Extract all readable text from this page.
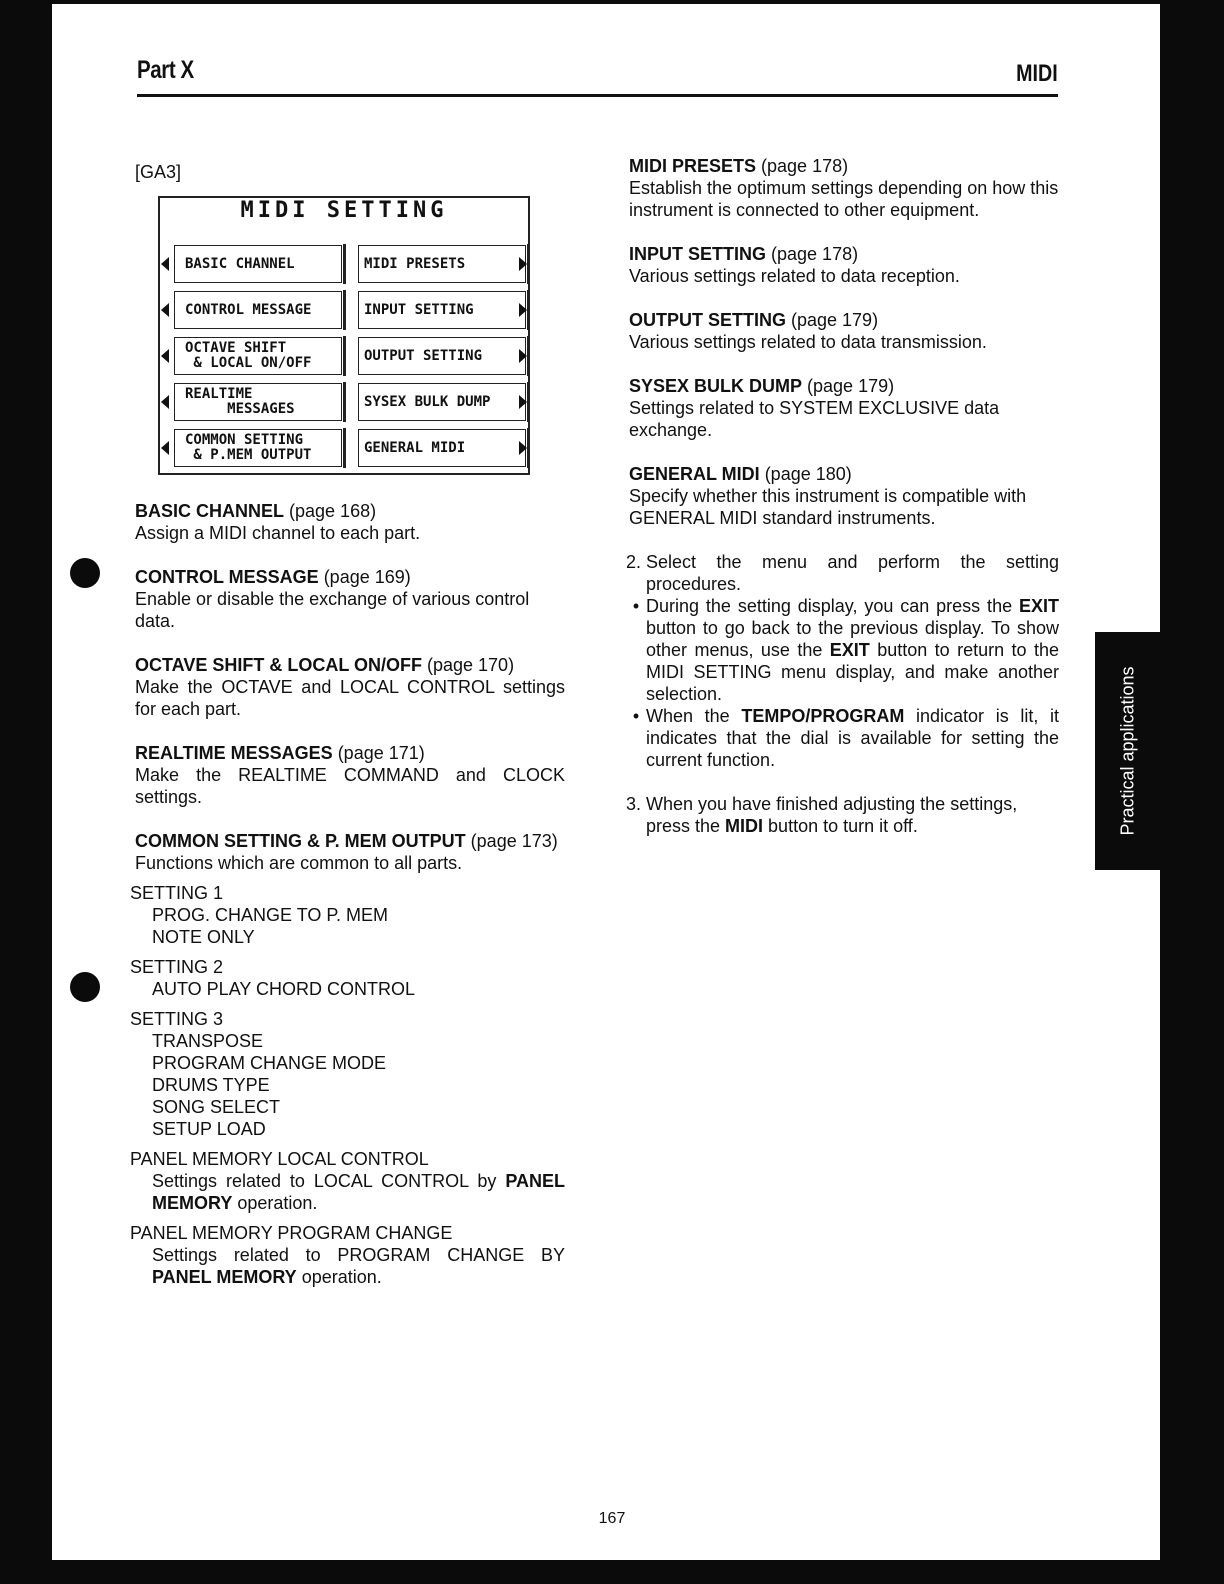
Part X	MIDI
[GA3]
MIDI SETTING
BASIC CHANNEL	MIDI PRESETS
CONTROL MESSAGE	INPUT SETTING
OCTAVE SHIFT
& LOCAL ON/OFF	OUTPUT SETTING
REALTIME
MESSAGES	SYSEX BULK DUMP
COMMON SETTING
& P.MEM OUTPUT	GENERAL MIDI

BASIC CHANNEL (page 168)

Assign a MIDI channel to each part.

CONTROL MESSAGE (page 169)

Enable or disable the exchange of various control data.

OCTAVE SHIFT & LOCAL ON/OFF (page 170)

Make the OCTAVE and LOCAL CONTROL settings for each part.

REALTIME MESSAGES (page 171)

Make the REALTIME COMMAND and CLOCK settings.

COMMON SETTING & P. MEM OUTPUT (page 173)

Functions which are common to all parts.

SETTING 1
PROG. CHANGE TO P. MEM
NOTE ONLY
SETTING 2
AUTO PLAY CHORD CONTROL
SETTING 3
TRANSPOSE
PROGRAM CHANGE MODE
DRUMS TYPE
SONG SELECT
SETUP LOAD
PANEL MEMORY LOCAL CONTROL
Settings related to LOCAL CONTROL by PANEL MEMORY operation.
PANEL MEMORY PROGRAM CHANGE
Settings related to PROGRAM CHANGE BY PANEL MEMORY operation.

MIDI PRESETS (page 178)

Establish the optimum settings depending on how this instrument is connected to other equipment.

INPUT SETTING (page 178)

Various settings related to data reception.

OUTPUT SETTING (page 179)

Various settings related to data transmission.

SYSEX BULK DUMP (page 179)

Settings related to SYSTEM EXCLUSIVE data exchange.

GENERAL MIDI (page 180)

Specify whether this instrument is compatible with GENERAL MIDI standard instruments.

2. Select the menu and perform the setting procedures.
• During the setting display, you can press the EXIT button to go back to the previous display. To show other menus, use the EXIT button to return to the MIDI SETTING menu display, and make another selection.
• When the TEMPO/PROGRAM indicator is lit, it indicates that the dial is available for setting the current function.
3. When you have finished adjusting the settings, press the MIDI button to turn it off.	Practical applications
167
